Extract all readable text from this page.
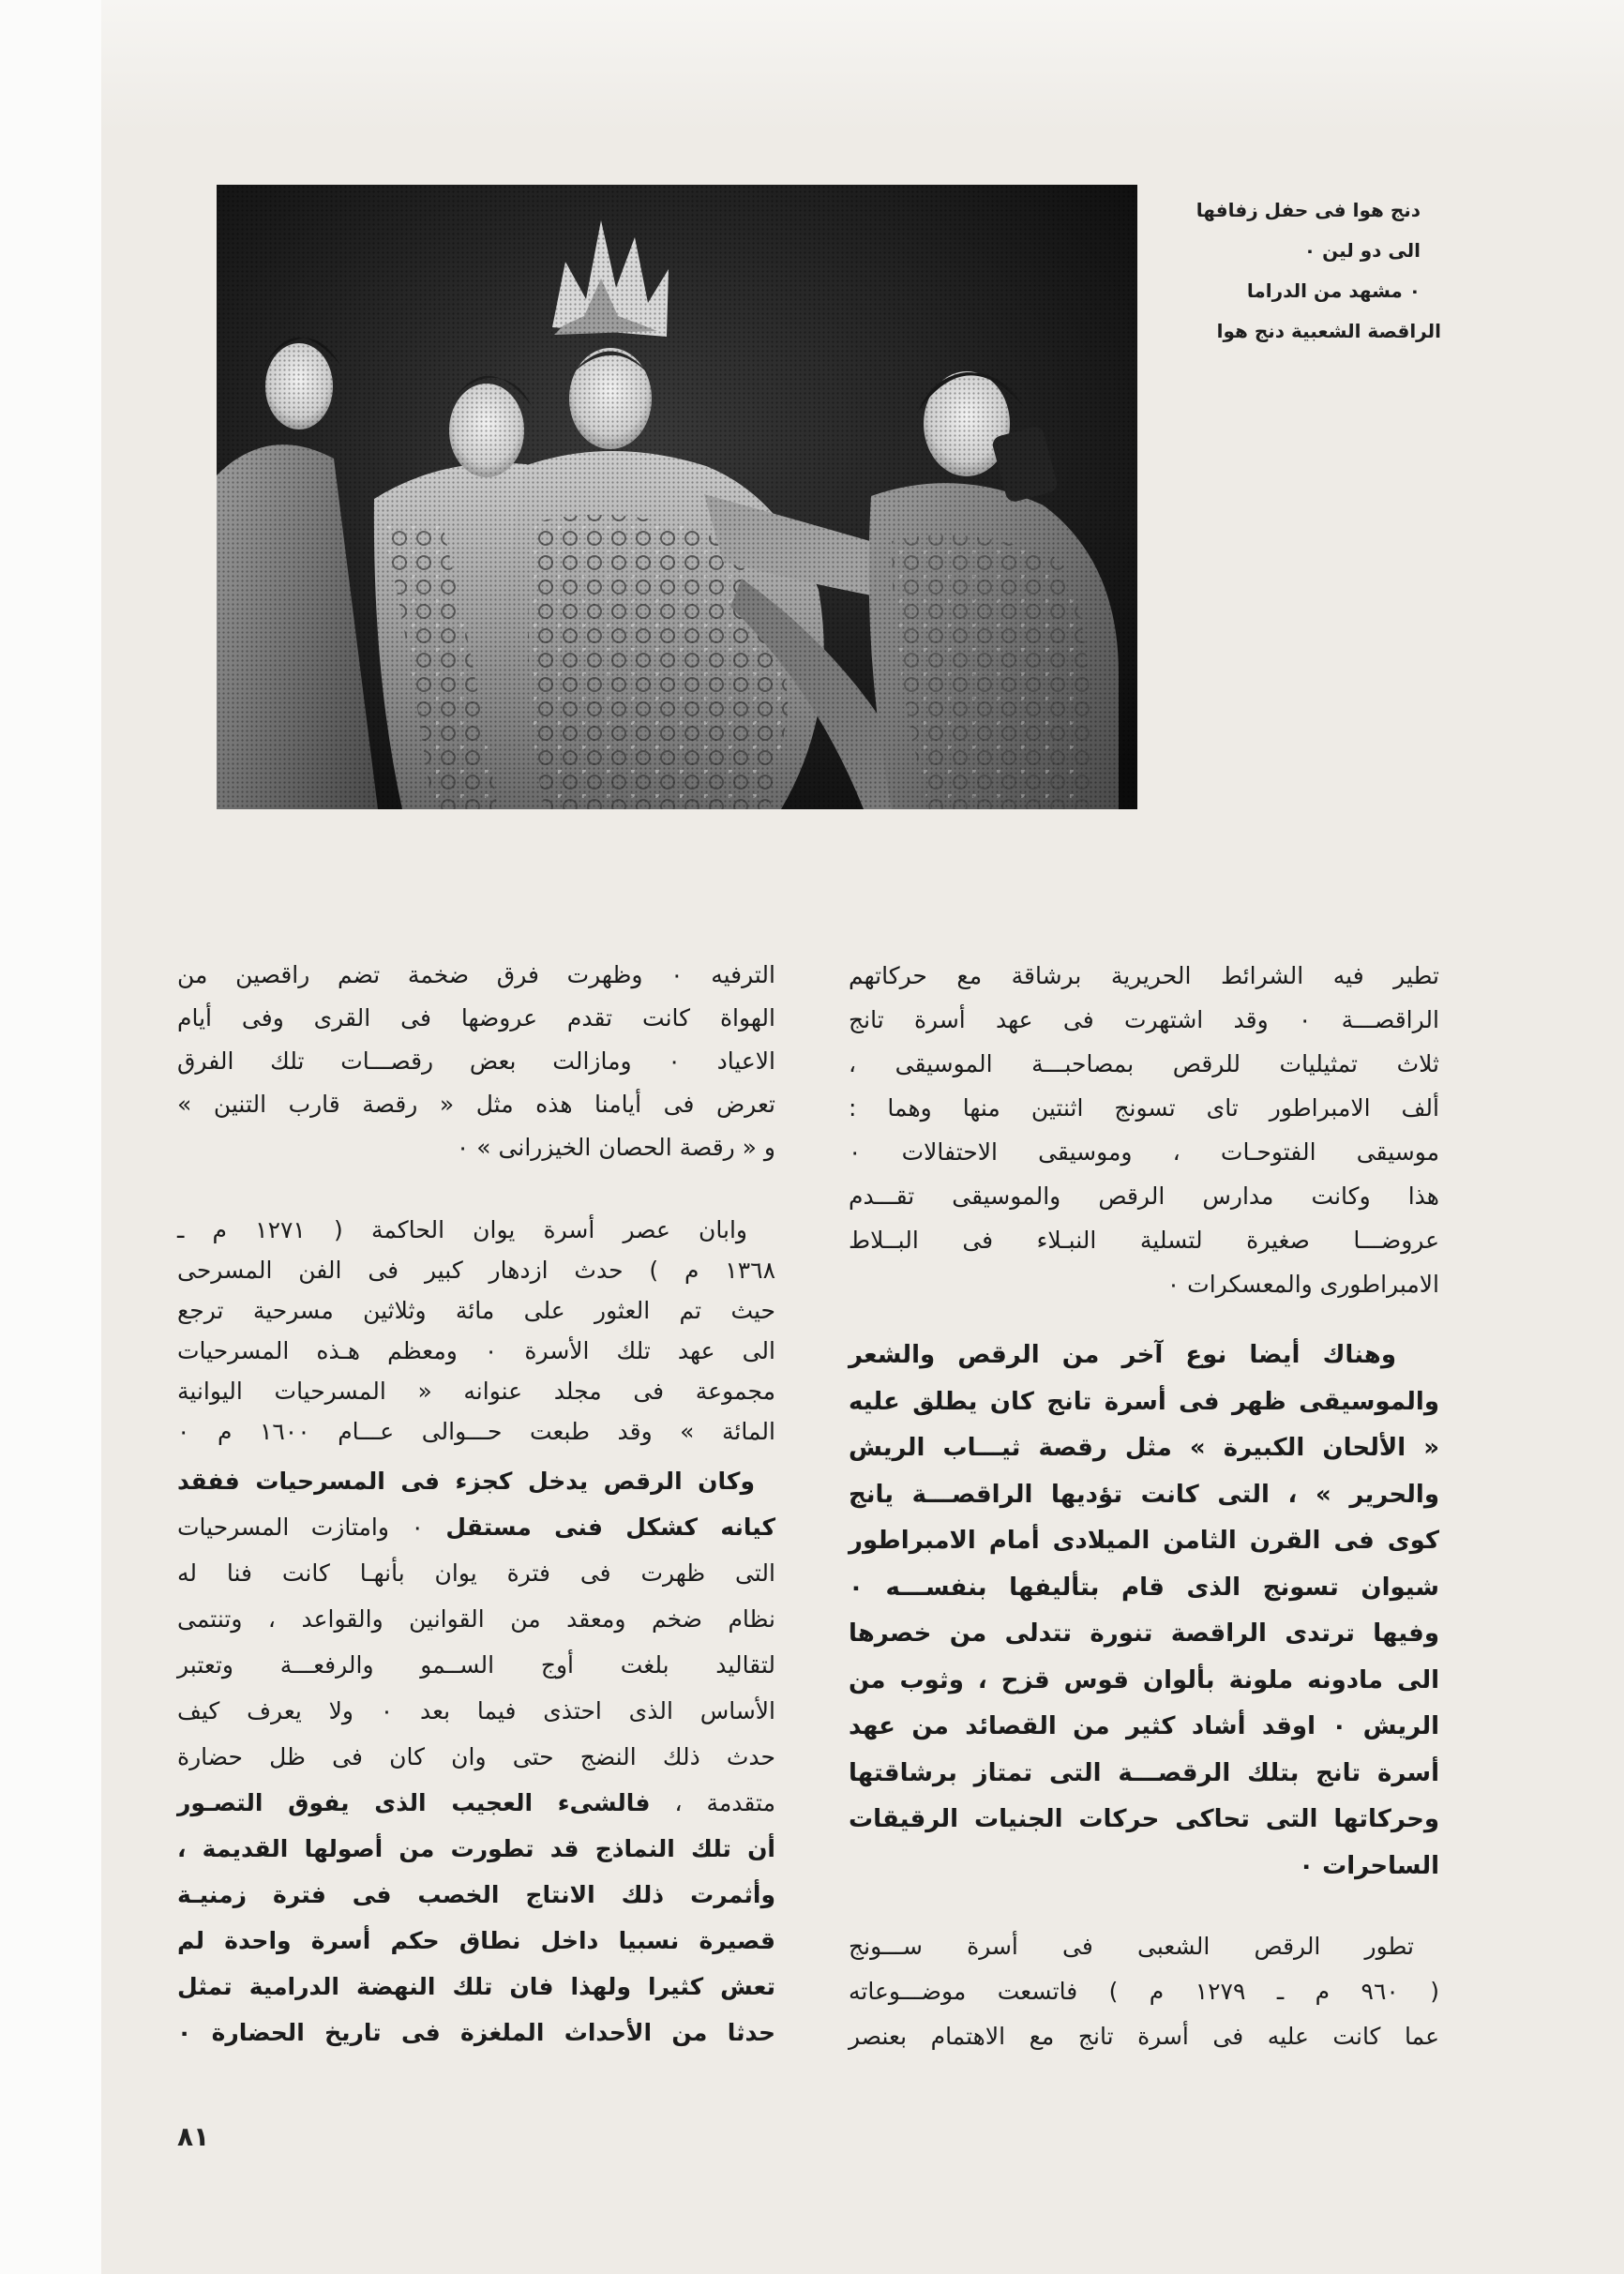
دنج هوا فى حفل زفافها
الى دو لين ٠
٠ مشهد من الدراما
الراقصة الشعبية دنج هوا
تطير فيه الشرائط الحريرية برشاقة مع حركاتهم
الراقصـــة ٠ وقد اشتهرت فى عهد أسرة تانج
ثلاث تمثيليات للرقص بمصاحبـــة الموسيقى ،
ألف الامبراطور تاى تسونج اثنتين منها وهما :
موسيقى الفتوحـات ، وموسيقى الاحتفالات ٠
هذا وكانت مدارس الرقص والموسيقى تقـــدم
عروضـــا صغيرة لتسلية النبـلاء فى البــلاط
الامبراطورى والمعسكرات ٠
وهناك أيضا نوع آخر من الرقص والشعر
والموسيقى ظهر فى أسرة تانج كان يطلق عليه
« الألحان الكبيرة » مثل رقصة ثيـــاب الريش
والحرير » ، التى كانت تؤديها الراقصـــة يانج
كوى فى القرن الثامن الميلادى أمام الامبراطور
شيوان تسونج الذى قام بتأليفها بنفســـه ٠
وفيها ترتدى الراقصة تنورة تتدلى من خصرها
الى مادونه ملونة بألوان قوس قزح ، وثوب من
الريش ٠ اوقد أشاد كثير من القصائد من عهد
أسرة تانج بتلك الرقصـــة التى تمتاز برشاقتها
وحركاتها التى تحاكى حركات الجنيات الرقيقات
الساحرات ٠
تطور الرقص الشعبى فى أسرة ســـونج
( ٩٦٠ م ـ ١٢٧٩ م ) فاتسعت موضـــوعاته
عما كانت عليه فى أسرة تانج مع الاهتمام بعنصر
الترفيه ٠ وظهرت فرق ضخمة تضم راقصين من
الهواة كانت تقدم عروضها فى القرى وفى أيام
الاعياد ٠ ومازالت بعض رقصـــات تلك الفرق
تعرض فى أيامنا هذه مثل « رقصة قارب التنين »
و « رقصة الحصان الخيزرانى » ٠
وابان عصر أسرة يوان الحاكمة ( ١٢٧١ م ـ
١٣٦٨ م ) حدث ازدهار كبير فى الفن المسرحى
حيث تم العثور على مائة وثلاثين مسرحية ترجع
الى عهد تلك الأسرة ٠ ومعظم هـذه المسرحيات
مجموعة فى مجلد عنوانه « المسرحيات اليوانية
المائة » وقد طبعت حـــوالى عـــام ١٦٠٠ م ٠
وكان الرقص يدخل كجزء فى المسرحيات ففقد
كيانه كشكل فنى مستقل ٠ وامتازت المسرحيات
التى ظهرت فى فترة يوان بأنهـا كانت فنا له
نظام ضخم ومعقد من القوانين والقواعد ، وتنتمى
لتقاليد بلغت أوج الســمو والرفعـــة وتعتبر
الأساس الذى احتذى فيما بعد ٠ ولا يعرف كيف
حدث ذلك النضج حتى وان كان فى ظل حضارة
متقدمة ، فالشىء العجيب الذى يفوق التصـور
أن تلك النماذج قد تطورت من أصولها القديمة ،
وأثمرت ذلك الانتاج الخصب فى فترة زمنيـة
قصيرة نسبيا داخل نطاق حكم أسرة واحدة لم
تعش كثيرا ولهذا فان تلك النهضة الدرامية تمثل
حدثا من الأحداث الملغزة فى تاريخ الحضارة ٠
٨١
